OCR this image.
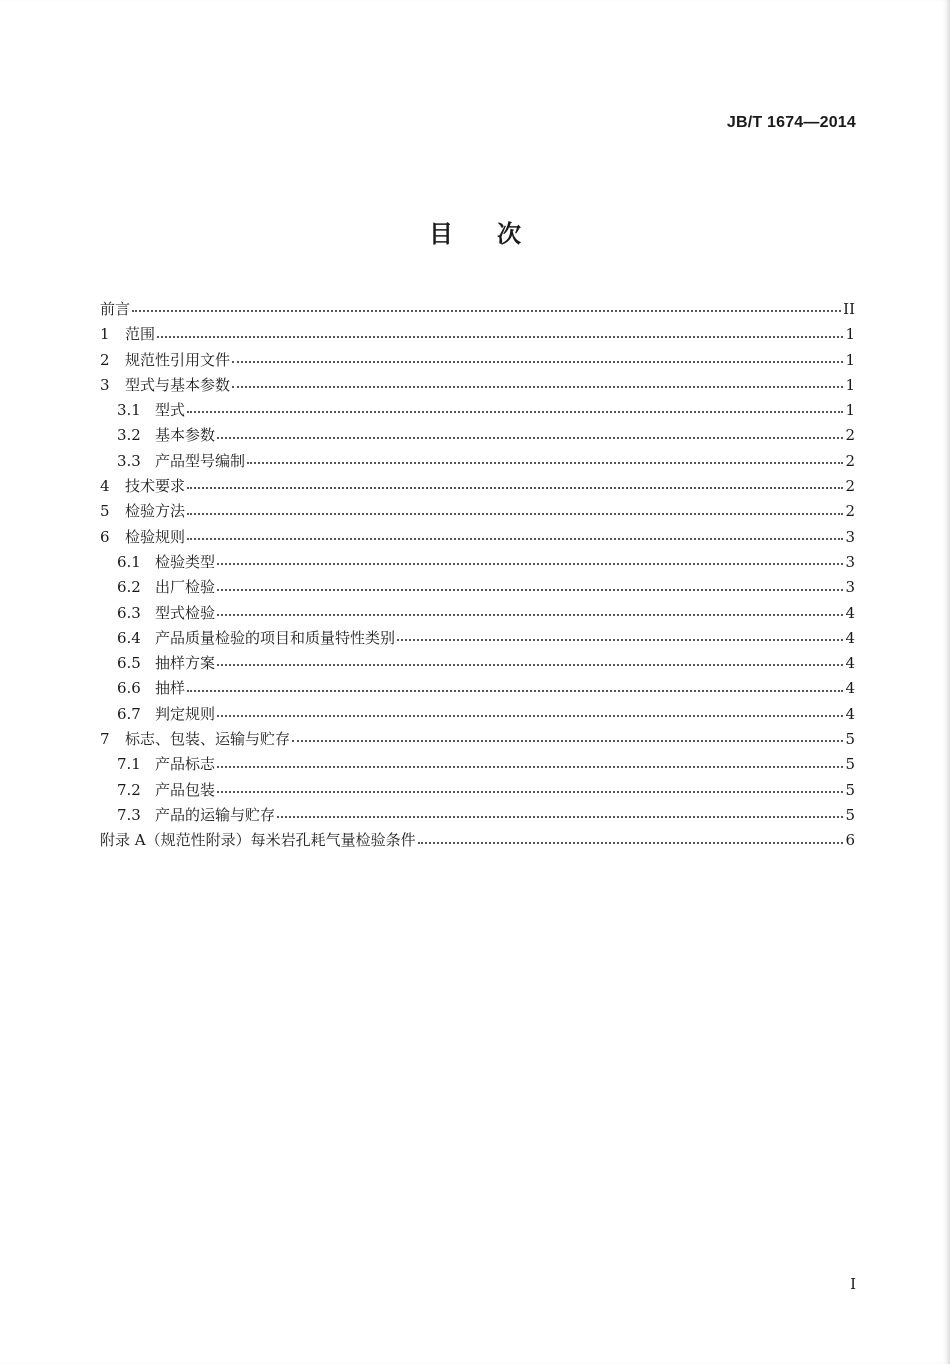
JB/T 1674—2014
目次
前言	II
1	范围	1
2	规范性引用文件	1
3	型式与基本参数	1
3.1 型式	1
3.2 基本参数	2
3.3 产品型号编制	2
4	技术要求	2
5	检验方法	2
6	检验规则	3
6.1 检验类型	3
6.2 出厂检验	3
6.3 型式检验	4
6.4 产品质量检验的项目和质量特性类别	4
6.5 抽样方案	4
6.6 抽样	4
6.7 判定规则	4
7	标志、包装、运输与贮存	5
7.1 产品标志	5
7.2 产品包装	5
7.3 产品的运输与贮存	5
附录 A（规范性附录）每米岩孔耗气量检验条件	6
I
